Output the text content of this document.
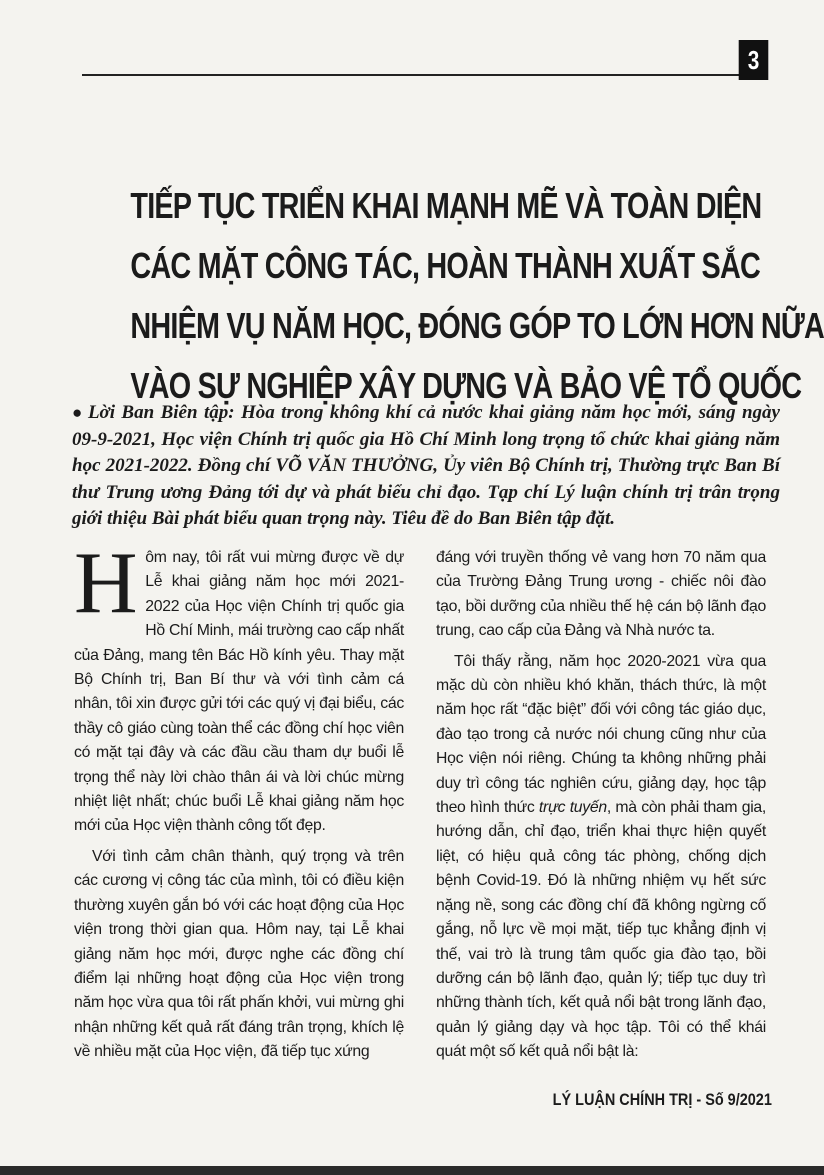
3
TIẾP TỤC TRIỂN KHAI MẠNH MẼ VÀ TOÀN DIỆN
CÁC MẶT CÔNG TÁC, HOÀN THÀNH XUẤT SẮC
NHIỆM VỤ NĂM HỌC, ĐÓNG GÓP TO LỚN HƠN NỮA
VÀO SỰ NGHIỆP XÂY DỰNG VÀ BẢO VỆ TỔ QUỐC

● Lời Ban Biên tập: Hòa trong không khí cả nước khai giảng năm học mới, sáng ngày 09-9-2021, Học viện Chính trị quốc gia Hồ Chí Minh long trọng tổ chức khai giảng năm học 2021-2022. Đồng chí VÕ VĂN THƯỞNG, Ủy viên Bộ Chính trị, Thường trực Ban Bí thư Trung ương Đảng tới dự và phát biểu chỉ đạo. Tạp chí Lý luận chính trị trân trọng giới thiệu Bài phát biểu quan trọng này. Tiêu đề do Ban Biên tập đặt.

Hôm nay, tôi rất vui mừng được về dự Lễ khai giảng năm học mới 2021-2022 của Học viện Chính trị quốc gia Hồ Chí Minh, mái trường cao cấp nhất của Đảng, mang tên Bác Hồ kính yêu. Thay mặt Bộ Chính trị, Ban Bí thư và với tình cảm cá nhân, tôi xin được gửi tới các quý vị đại biểu, các thầy cô giáo cùng toàn thể các đồng chí học viên có mặt tại đây và các đầu cầu tham dự buổi lễ trọng thể này lời chào thân ái và lời chúc mừng nhiệt liệt nhất; chúc buổi Lễ khai giảng năm học mới của Học viện thành công tốt đẹp.

Với tình cảm chân thành, quý trọng và trên các cương vị công tác của mình, tôi có điều kiện thường xuyên gắn bó với các hoạt động của Học viện trong thời gian qua. Hôm nay, tại Lễ khai giảng năm học mới, được nghe các đồng chí điểm lại những hoạt động của Học viện trong năm học vừa qua tôi rất phấn khởi, vui mừng ghi nhận những kết quả rất đáng trân trọng, khích lệ về nhiều mặt của Học viện, đã tiếp tục xứng

đáng với truyền thống vẻ vang hơn 70 năm qua của Trường Đảng Trung ương - chiếc nôi đào tạo, bồi dưỡng của nhiều thế hệ cán bộ lãnh đạo trung, cao cấp của Đảng và Nhà nước ta.

Tôi thấy rằng, năm học 2020-2021 vừa qua mặc dù còn nhiều khó khăn, thách thức, là một năm học rất “đặc biệt” đối với công tác giáo dục, đào tạo trong cả nước nói chung cũng như của Học viện nói riêng. Chúng ta không những phải duy trì công tác nghiên cứu, giảng dạy, học tập theo hình thức trực tuyến, mà còn phải tham gia, hướng dẫn, chỉ đạo, triển khai thực hiện quyết liệt, có hiệu quả công tác phòng, chống dịch bệnh Covid-19. Đó là những nhiệm vụ hết sức nặng nề, song các đồng chí đã không ngừng cố gắng, nỗ lực về mọi mặt, tiếp tục khẳng định vị thế, vai trò là trung tâm quốc gia đào tạo, bồi dưỡng cán bộ lãnh đạo, quản lý; tiếp tục duy trì những thành tích, kết quả nổi bật trong lãnh đạo, quản lý giảng dạy và học tập. Tôi có thể khái quát một số kết quả nổi bật là:

LÝ LUẬN CHÍNH TRỊ - Số 9/2021
